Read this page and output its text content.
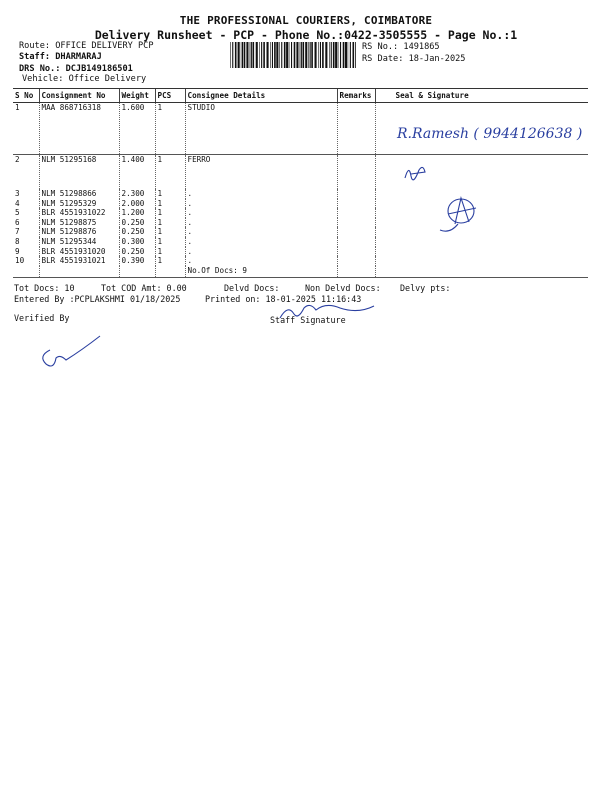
THE PROFESSIONAL COURIERS, COIMBATORE
Delivery Runsheet - PCP - Phone No.:0422-3505555 - Page No.:1
Route: OFFICE DELIVERY PCP
Staff: DHARMARAJ
DRS No.: DCJB149186501
Vehicle: Office Delivery
RS No.: 1491865
RS Date: 18-Jan-2025
S No	Consignment No	Weight	PCS	Consignee Details	Remarks	Seal & Signature
1	MAA 868716318	1.600	1	STUDIO		
2	NLM 51295168	1.400	1	FERRO		
3	NLM 51298866	2.300	1	.		
4	NLM 51295329	2.000	1	.		
5	BLR 4551931022	1.200	1	.		
6	NLM 51298875	0.250	1	.		
7	NLM 51298876	0.250	1	.		
8	NLM 51295344	0.300	1	.		
9	BLR 4551931020	0.250	1	.		
10	BLR 4551931021	0.390	1	.		
				No.Of Docs: 9		
Tot Docs: 10	Tot COD Amt: 0.00	Delvd Docs:	Non Delvd Docs: Delvy pts:
Entered By :PCPLAKSHMI 01/18/2025	Printed on: 18-01-2025 11:16:43
Verified By	Staff Signature
R.Ramesh ( 9944126638 )
